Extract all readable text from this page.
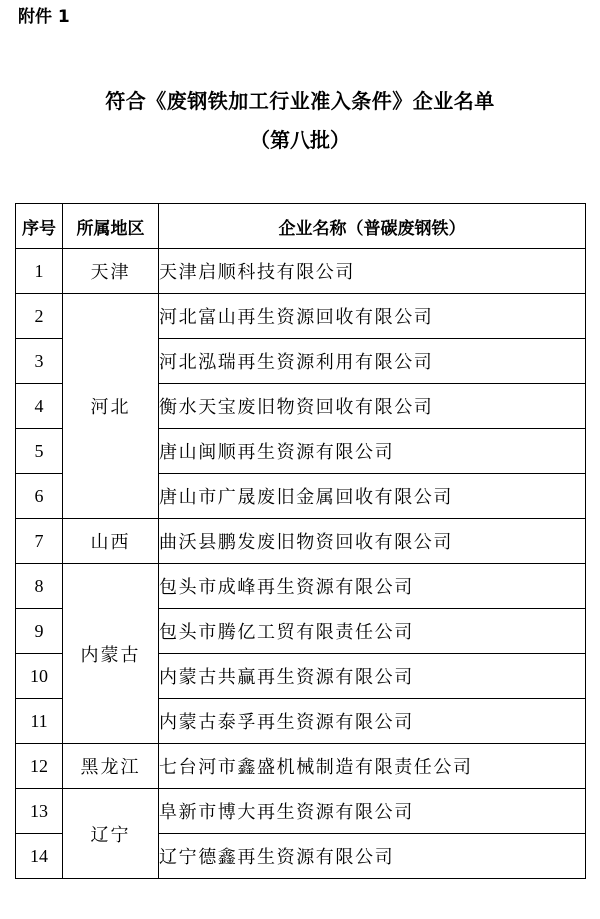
附件 1
符合《废钢铁加工行业准入条件》企业名单
（第八批）
序号	所属地区	企业名称（普碳废钢铁）
1	天津	天津启顺科技有限公司
2	河北	河北富山再生资源回收有限公司
3		河北泓瑞再生资源利用有限公司
4		衡水天宝废旧物资回收有限公司
5		唐山闽顺再生资源有限公司
6		唐山市广晟废旧金属回收有限公司
7	山西	曲沃县鹏发废旧物资回收有限公司
8	内蒙古	包头市成峰再生资源有限公司
9		包头市腾亿工贸有限责任公司
10		内蒙古共赢再生资源有限公司
11		内蒙古泰孚再生资源有限公司
12	黑龙江	七台河市鑫盛机械制造有限责任公司
13	辽宁	阜新市博大再生资源有限公司
14		辽宁德鑫再生资源有限公司
